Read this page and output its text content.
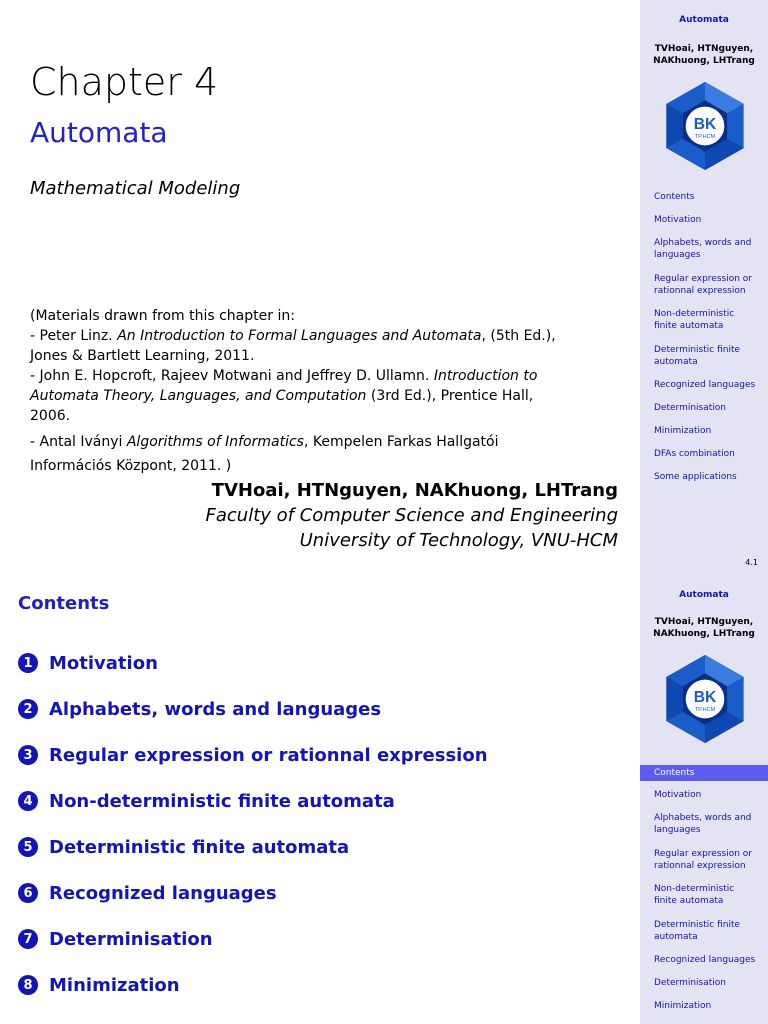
Chapter 4
Automata
Mathematical Modeling
(Materials drawn from this chapter in:
- Peter Linz. An Introduction to Formal Languages and Automata, (5th Ed.),
Jones & Bartlett Learning, 2011.
- John E. Hopcroft, Rajeev Motwani and Jeffrey D. Ullamn. Introduction to
Automata Theory, Languages, and Computation (3rd Ed.), Prentice Hall,
2006.
- Antal Iványi Algorithms of Informatics, Kempelen Farkas Hallgatói
Információs Központ, 2011. )
TVHoai, HTNguyen, NAKhuong, LHTrang
Faculty of Computer Science and Engineering
University of Technology, VNU-HCM
Automata
TVHoai, HTNguyen,
NAKhuong, LHTrang
BK
TP.HCM
Contents
Motivation
Alphabets, words and
languages
Regular expression or
rationnal expression
Non-deterministic
finite automata
Deterministic finite
automata
Recognized languages
Determinisation
Minimization
DFAs combination
Some applications
4.1
Contents
1 Motivation
2 Alphabets, words and languages
3 Regular expression or rationnal expression
4 Non-deterministic finite automata
5 Deterministic finite automata
6 Recognized languages
7 Determinisation
8 Minimization
Automata
TVHoai, HTNguyen,
NAKhuong, LHTrang
BK
TP.HCM
Contents
Motivation
Alphabets, words and
languages
Regular expression or
rationnal expression
Non-deterministic
finite automata
Deterministic finite
automata
Recognized languages
Determinisation
Minimization
